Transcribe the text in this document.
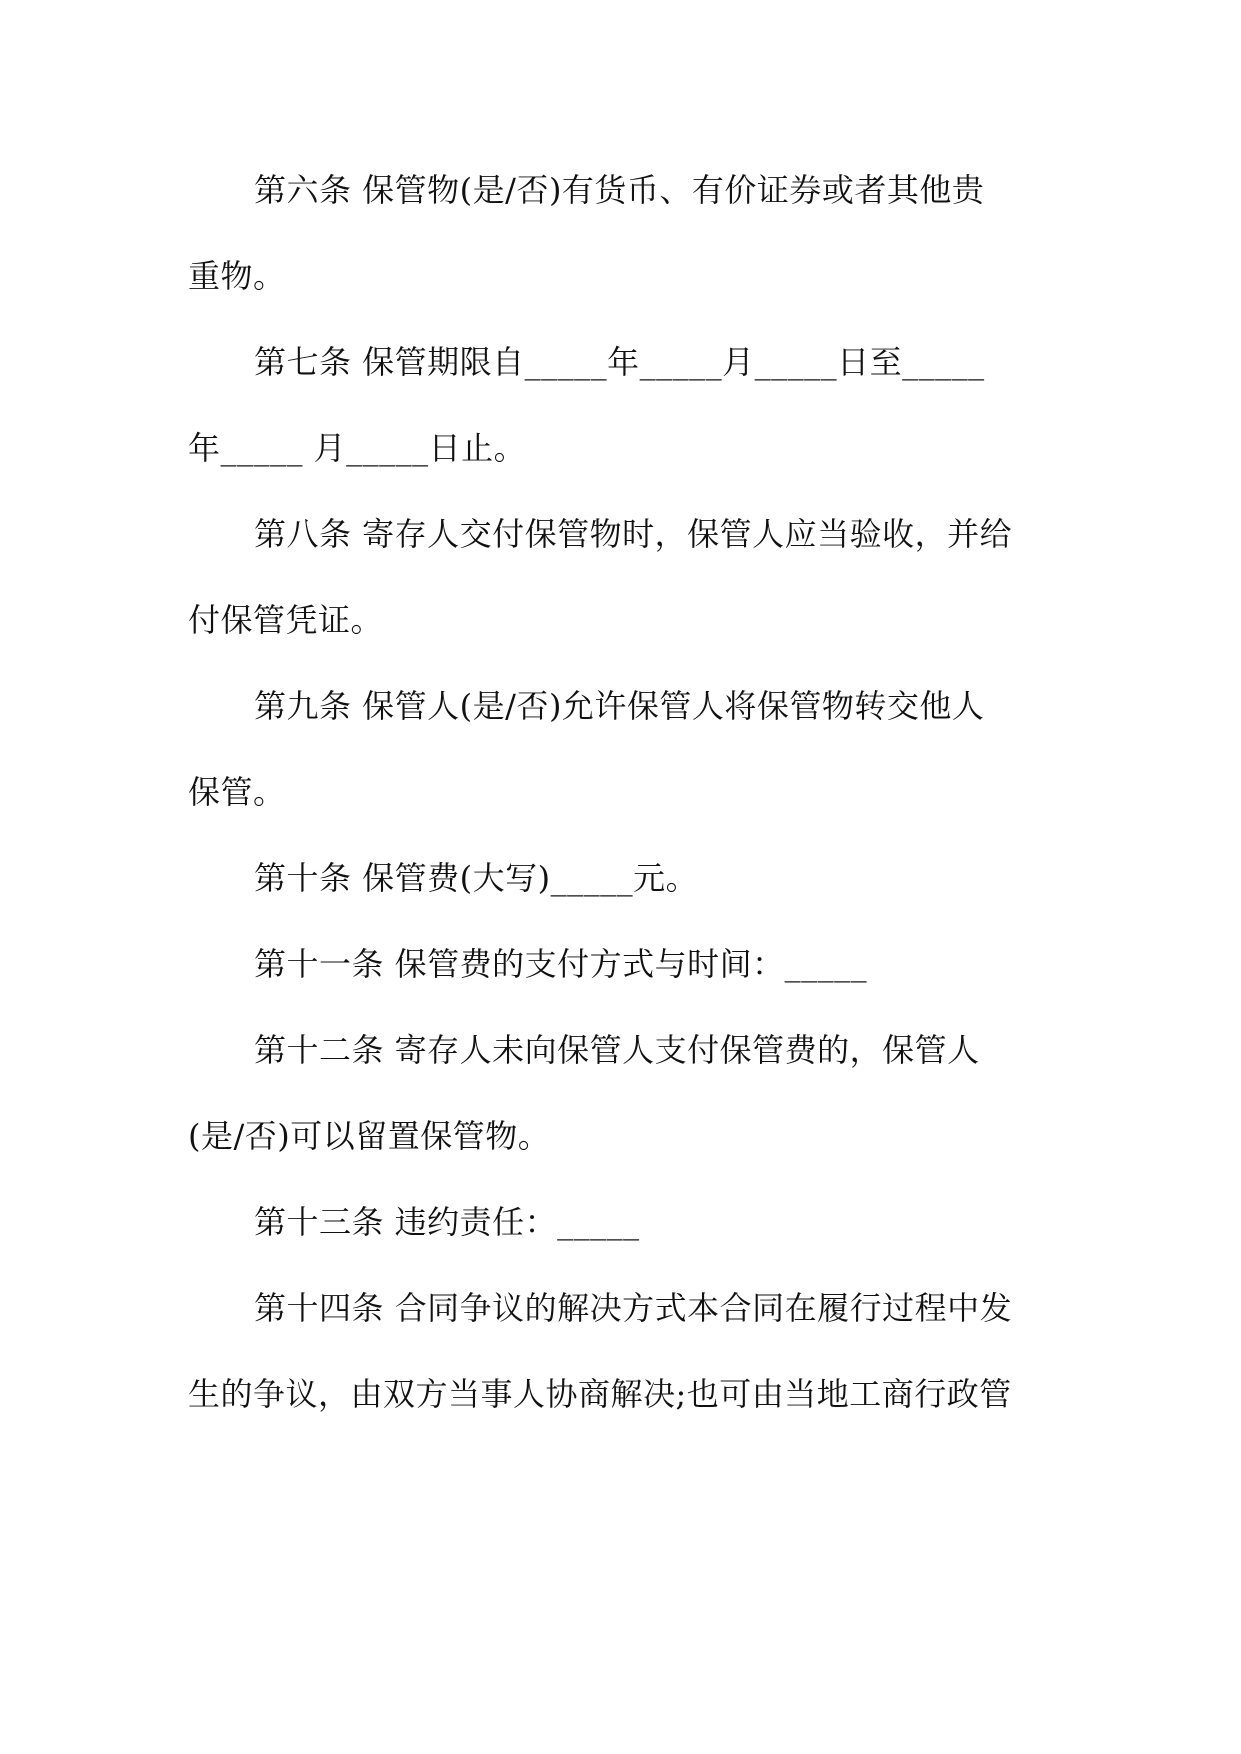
第六条 保管物(是/否)有货币、有价证券或者其他贵
重物。
第七条 保管期限自_____年_____月_____日至_____
年_____ 月_____日止。
第八条 寄存人交付保管物时，保管人应当验收，并给
付保管凭证。
第九条 保管人(是/否)允许保管人将保管物转交他人
保管。
第十条 保管费(大写)_____元。
第十一条 保管费的支付方式与时间：_____
第十二条 寄存人未向保管人支付保管费的，保管人
(是/否)可以留置保管物。
第十三条 违约责任：_____
第十四条 合同争议的解决方式本合同在履行过程中发
生的争议，由双方当事人协商解决;也可由当地工商行政管
